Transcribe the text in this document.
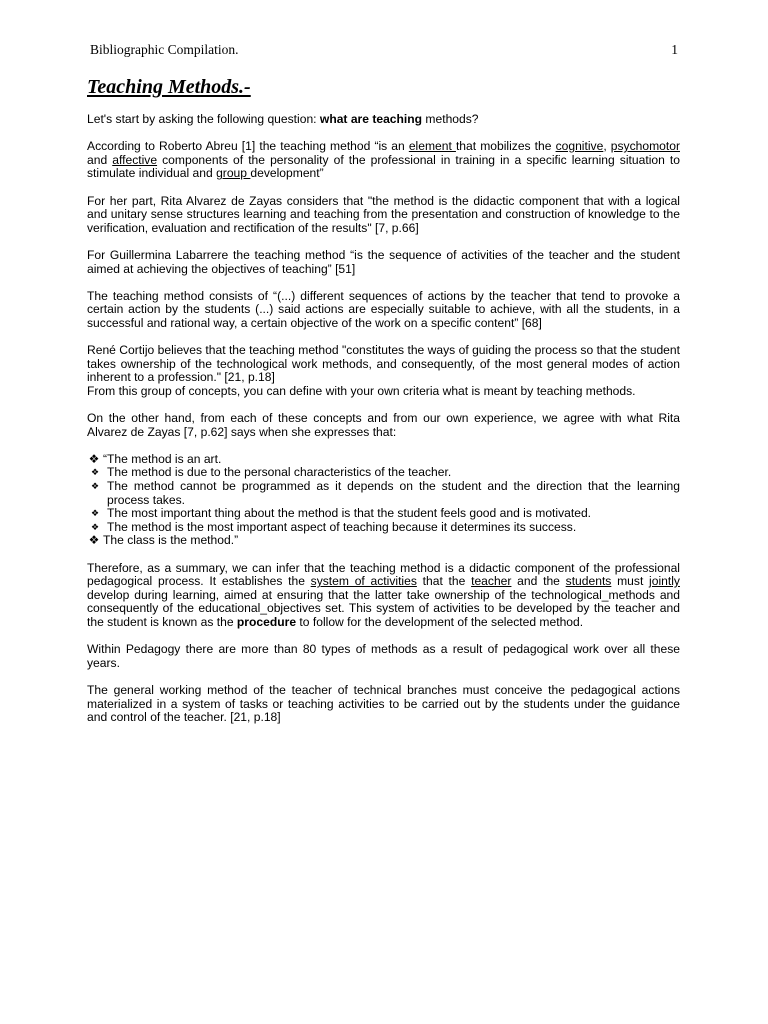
Bibliographic Compilation.	1
Teaching Methods.-

Let's start by asking the following question: what are teaching methods?

According to Roberto Abreu [1] the teaching method “is an element that mobilizes the cognitive, psychomotor and affective components of the personality of the professional in training in a specific learning situation to stimulate individual and group development”

For her part, Rita Alvarez de Zayas considers that "the method is the didactic component that with a logical and unitary sense structures learning and teaching from the presentation and construction of knowledge to the verification, evaluation and rectification of the results" [7, p.66]

For Guillermina Labarrere the teaching method “is the sequence of activities of the teacher and the student aimed at achieving the objectives of teaching” [51]

The teaching method consists of “(...) different sequences of actions by the teacher that tend to provoke a certain action by the students (...) said actions are especially suitable to achieve, with all the students, in a successful and rational way, a certain objective of the work on a specific content” [68]

René Cortijo believes that the teaching method "constitutes the ways of guiding the process so that the student takes ownership of the technological work methods, and consequently, of the most general modes of action inherent to a profession." [21, p.18]

From this group of concepts, you can define with your own criteria what is meant by teaching methods.

On the other hand, from each of these concepts and from our own experience, we agree with what Rita Alvarez de Zayas [7, p.62] says when she expresses that:

❖ “The method is an art.
❖ The method is due to the personal characteristics of the teacher.
❖ The method cannot be programmed as it depends on the student and the direction that the learning process takes.
❖ The most important thing about the method is that the student feels good and is motivated.
❖ The method is the most important aspect of teaching because it determines its success.
❖ The class is the method.”

Therefore, as a summary, we can infer that the teaching method is a didactic component of the professional pedagogical process. It establishes the system of activities that the teacher and the students must jointly develop during learning, aimed at ensuring that the latter take ownership of the technological_methods and consequently of the educational_objectives set. This system of activities to be developed by the teacher and the student is known as the procedure to follow for the development of the selected method.

Within Pedagogy there are more than 80 types of methods as a result of pedagogical work over all these years.

The general working method of the teacher of technical branches must conceive the pedagogical actions materialized in a system of tasks or teaching activities to be carried out by the students under the guidance and control of the teacher. [21, p.18]
